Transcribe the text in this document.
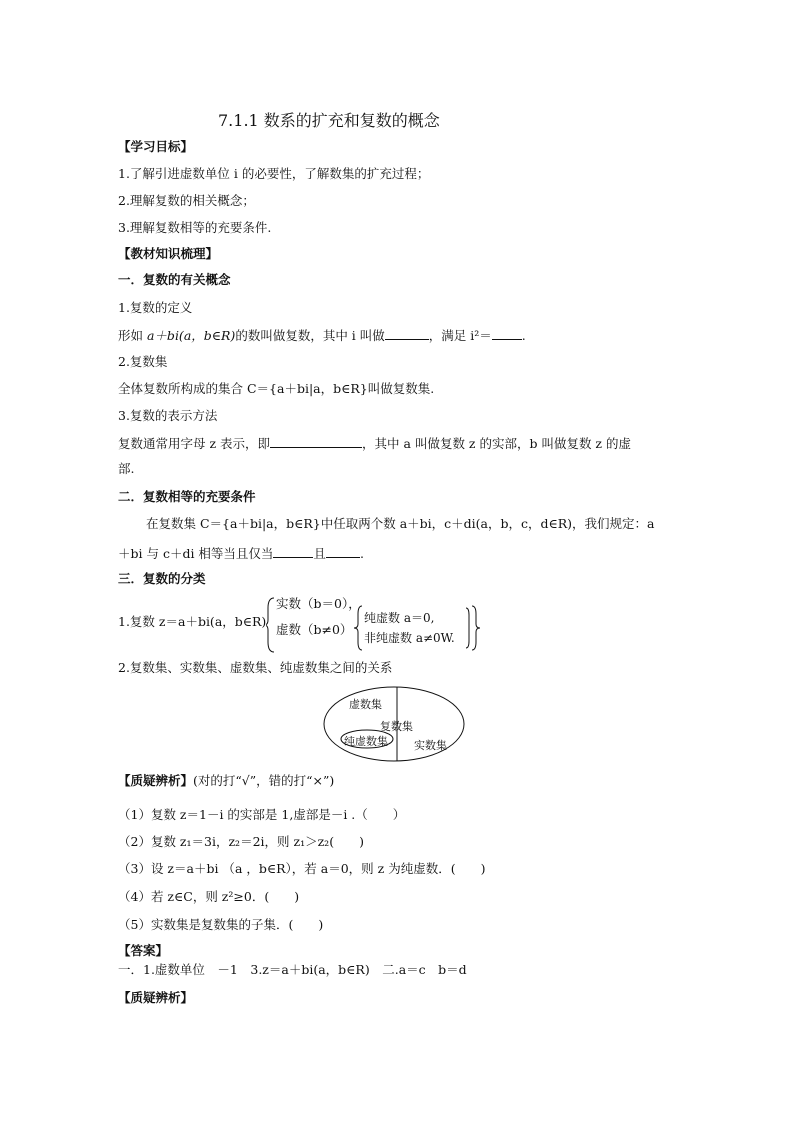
7.1.1 数系的扩充和复数的概念
【学习目标】
1.了解引进虚数单位 i 的必要性，了解数集的扩充过程；
2.理解复数的相关概念；
3.理解复数相等的充要条件.
【教材知识梳理】
一．复数的有关概念
1.复数的定义
形如 a＋bi(a，b∈R)的数叫做复数，其中 i 叫做	，满足 i²＝ .
2.复数集
全体复数所构成的集合 C＝{a＋bi|a，b∈R}叫做复数集.
3.复数的表示方法
复数通常用字母 z 表示，即	，其中 a 叫做复数 z 的实部，b 叫做复数 z 的虚
部.
二．复数相等的充要条件
在复数集 C＝{a＋bi|a，b∈R}中任取两个数 a＋bi，c＋di(a，b，c，d∈R)，我们规定：a
＋bi 与 c＋di 相等当且仅当	且	.
三．复数的分类
1.复数 z＝a＋bi(a，b∈R)
实数（b＝0），
虚数（b≠0）
纯虚数 a＝0,
非纯虚数 a≠0W.
2.复数集、实数集、虚数集、纯虚数集之间的关系
虚数集
复数集
纯虚数集 实数集
【质疑辨析】(对的打“√”，错的打“×”)
（1）复数 z＝1－i 的实部是 1,虚部是－i .（　　）
（2）复数 z₁＝3i，z₂＝2i，则 z₁＞z₂(　　)
（3）设 z＝a＋bi （a ，b∈R），若 a＝0，则 z 为纯虚数．(　　)
（4）若 z∈C，则 z²≥0．(　　)
（5）实数集是复数集的子集．(　　)
【答案】
一．1.虚数单位　－1　3.z＝a＋bi(a，b∈R)　二.a＝c　b＝d
【质疑辨析】
